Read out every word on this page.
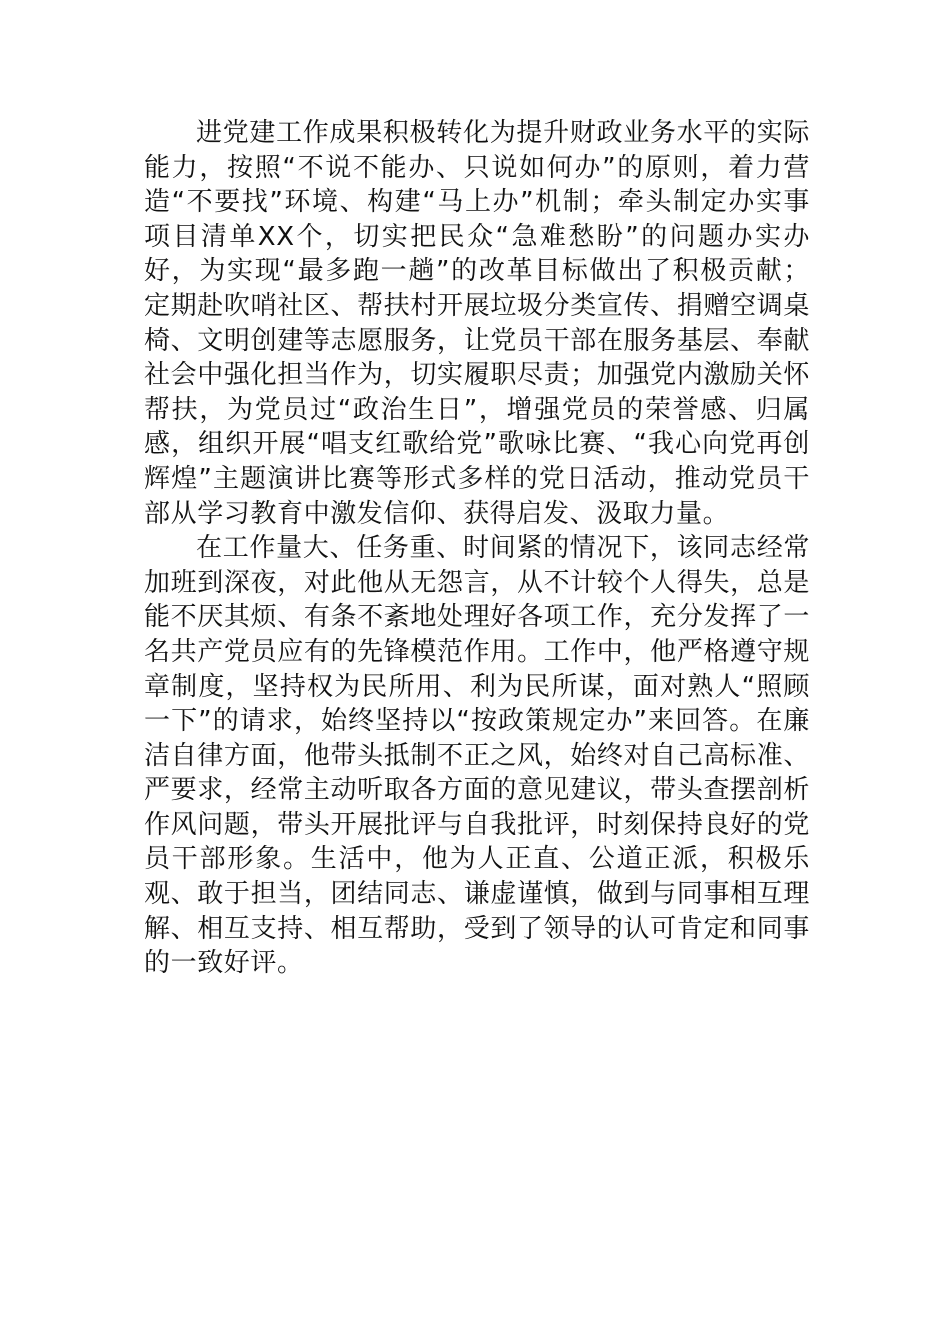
进党建工作成果积极转化为提升财政业务水平的实际能力，按照“不说不能办、只说如何办”的原则，着力营造“不要找”环境、构建“马上办”机制；牵头制定办实事项目清单XX个，切实把民众“急难愁盼”的问题办实办好，为实现“最多跑一趟”的改革目标做出了积极贡献；定期赴吹哨社区、帮扶村开展垃圾分类宣传、捐赠空调桌椅、文明创建等志愿服务，让党员干部在服务基层、奉献社会中强化担当作为，切实履职尽责；加强党内激励关怀帮扶，为党员过“政治生日”，增强党员的荣誉感、归属感，组织开展“唱支红歌给党”歌咏比赛、“我心向党再创辉煌”主题演讲比赛等形式多样的党日活动，推动党员干部从学习教育中激发信仰、获得启发、汲取力量。

在工作量大、任务重、时间紧的情况下，该同志经常加班到深夜，对此他从无怨言，从不计较个人得失，总是能不厌其烦、有条不紊地处理好各项工作，充分发挥了一名共产党员应有的先锋模范作用。工作中，他严格遵守规章制度，坚持权为民所用、利为民所谋，面对熟人“照顾一下”的请求，始终坚持以“按政策规定办”来回答。在廉洁自律方面，他带头抵制不正之风，始终对自己高标准、严要求，经常主动听取各方面的意见建议，带头查摆剖析作风问题，带头开展批评与自我批评，时刻保持良好的党员干部形象。生活中，他为人正直、公道正派，积极乐观、敢于担当，团结同志、谦虚谨慎，做到与同事相互理解、相互支持、相互帮助，受到了领导的认可肯定和同事的一致好评。
